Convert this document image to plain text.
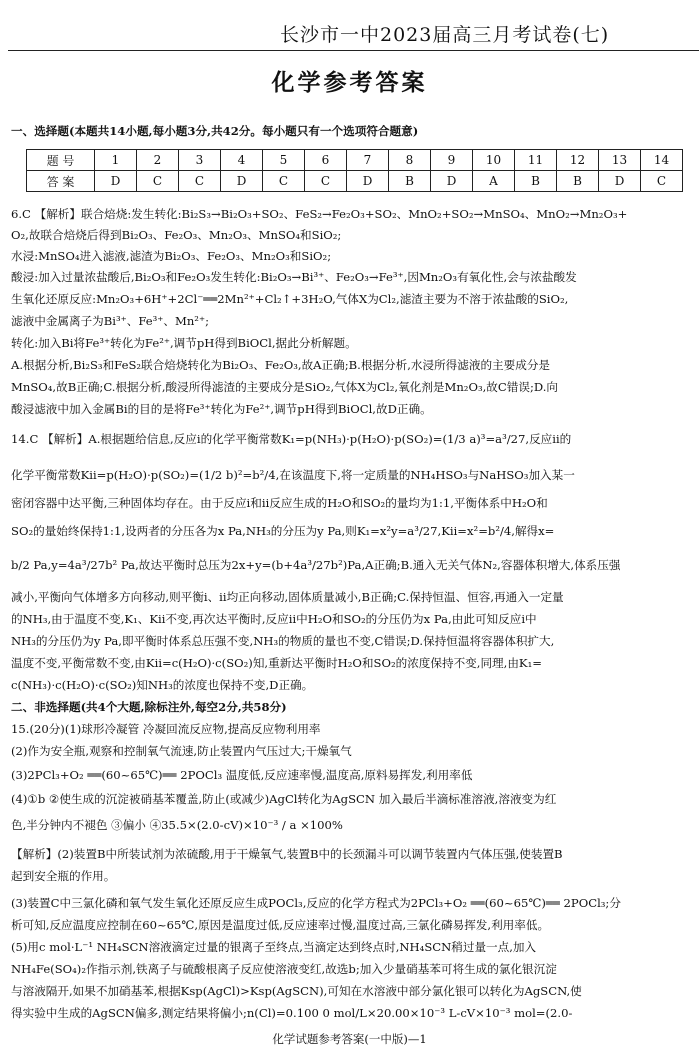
长沙市一中2023届高三月考试卷(七)
化学参考答案
一、选择题(本题共14小题,每小题3分,共42分。每小题只有一个选项符合题意)
题 号	1	2	3	4	5	6	7	8	9	10	11	12	13	14
答 案	D	C	C	D	C	C	D	B	D	A	B	B	D	C
6.C 【解析】联合焙烧:发生转化:Bi₂S₃→Bi₂O₃+SO₂、FeS₂→Fe₂O₃+SO₂、MnO₂+SO₂→MnSO₄、MnO₂→Mn₂O₃+
O₂,故联合焙烧后得到Bi₂O₃、Fe₂O₃、Mn₂O₃、MnSO₄和SiO₂;
水浸:MnSO₄进入滤液,滤渣为Bi₂O₃、Fe₂O₃、Mn₂O₃和SiO₂;
酸浸:加入过量浓盐酸后,Bi₂O₃和Fe₂O₃发生转化:Bi₂O₃→Bi³⁺、Fe₂O₃→Fe³⁺,因Mn₂O₃有氧化性,会与浓盐酸发
生氧化还原反应:Mn₂O₃+6H⁺+2Cl⁻══2Mn²⁺+Cl₂↑+3H₂O,气体X为Cl₂,滤渣主要为不溶于浓盐酸的SiO₂,
滤液中金属离子为Bi³⁺、Fe³⁺、Mn²⁺;
转化:加入Bi将Fe³⁺转化为Fe²⁺,调节pH得到BiOCl,据此分析解题。
A.根据分析,Bi₂S₃和FeS₂联合焙烧转化为Bi₂O₃、Fe₂O₃,故A正确;B.根据分析,水浸所得滤液的主要成分是
MnSO₄,故B正确;C.根据分析,酸浸所得滤渣的主要成分是SiO₂,气体X为Cl₂,氧化剂是Mn₂O₃,故C错误;D.向
酸浸滤液中加入金属Bi的目的是将Fe³⁺转化为Fe²⁺,调节pH得到BiOCl,故D正确。
14.C 【解析】A.根据题给信息,反应ⅰ的化学平衡常数K₁=p(NH₃)·p(H₂O)·p(SO₂)=(1/3 a)³=a³/27,反应ⅱ的
化学平衡常数Kⅱ=p(H₂O)·p(SO₂)=(1/2 b)²=b²/4,在该温度下,将一定质量的NH₄HSO₃与NaHSO₃加入某一
密闭容器中达平衡,三种固体均存在。由于反应ⅰ和ⅱ反应生成的H₂O和SO₂的量均为1:1,平衡体系中H₂O和
SO₂的量始终保持1:1,设两者的分压各为x Pa,NH₃的分压为y Pa,则K₁=x²y=a³/27,Kⅱ=x²=b²/4,解得x=
b/2 Pa,y=4a³/27b² Pa,故达平衡时总压为2x+y=(b+4a³/27b²)Pa,A正确;B.通入无关气体N₂,容器体积增大,体系压强
减小,平衡向气体增多方向移动,则平衡ⅰ、ⅱ均正向移动,固体质量减小,B正确;C.保持恒温、恒容,再通入一定量
的NH₃,由于温度不变,K₁、Kⅱ不变,再次达平衡时,反应ⅱ中H₂O和SO₂的分压仍为x Pa,由此可知反应ⅰ中
NH₃的分压仍为y Pa,即平衡时体系总压强不变,NH₃的物质的量也不变,C错误;D.保持恒温将容器体积扩大,
温度不变,平衡常数不变,由Kⅱ=c(H₂O)·c(SO₂)知,重新达平衡时H₂O和SO₂的浓度保持不变,同理,由K₁=
c(NH₃)·c(H₂O)·c(SO₂)知NH₃的浓度也保持不变,D正确。
二、非选择题(共4个大题,除标注外,每空2分,共58分)
15.(20分)(1)球形冷凝管 冷凝回流反应物,提高反应物利用率
(2)作为安全瓶,观察和控制氧气流速,防止装置内气压过大;干燥氧气
(3)2PCl₃+O₂ ══(60~65℃)══ 2POCl₃ 温度低,反应速率慢,温度高,原料易挥发,利用率低
(4)①b ②使生成的沉淀被硝基苯覆盖,防止(或减少)AgCl转化为AgSCN 加入最后半滴标准溶液,溶液变为红
色,半分钟内不褪色 ③偏小 ④35.5×(2.0-cV)×10⁻³ / a ×100%
【解析】(2)装置B中所装试剂为浓硫酸,用于干燥氧气,装置B中的长颈漏斗可以调节装置内气体压强,使装置B
起到安全瓶的作用。
(3)装置C中三氯化磷和氧气发生氧化还原反应生成POCl₃,反应的化学方程式为2PCl₃+O₂ ══(60~65℃)══ 2POCl₃;分
析可知,反应温度应控制在60~65℃,原因是温度过低,反应速率过慢,温度过高,三氯化磷易挥发,利用率低。
(5)用c mol·L⁻¹ NH₄SCN溶液滴定过量的银离子至终点,当滴定达到终点时,NH₄SCN稍过量一点,加入
NH₄Fe(SO₄)₂作指示剂,铁离子与硫酸根离子反应使溶液变红,故选b;加入少量硝基苯可将生成的氯化银沉淀
与溶液隔开,如果不加硝基苯,根据Ksp(AgCl)>Ksp(AgSCN),可知在水溶液中部分氯化银可以转化为AgSCN,使
得实验中生成的AgSCN偏多,测定结果将偏小;n(Cl)=0.100 0 mol/L×20.00×10⁻³ L-cV×10⁻³ mol=(2.0-
化学试题参考答案(一中版)—1
